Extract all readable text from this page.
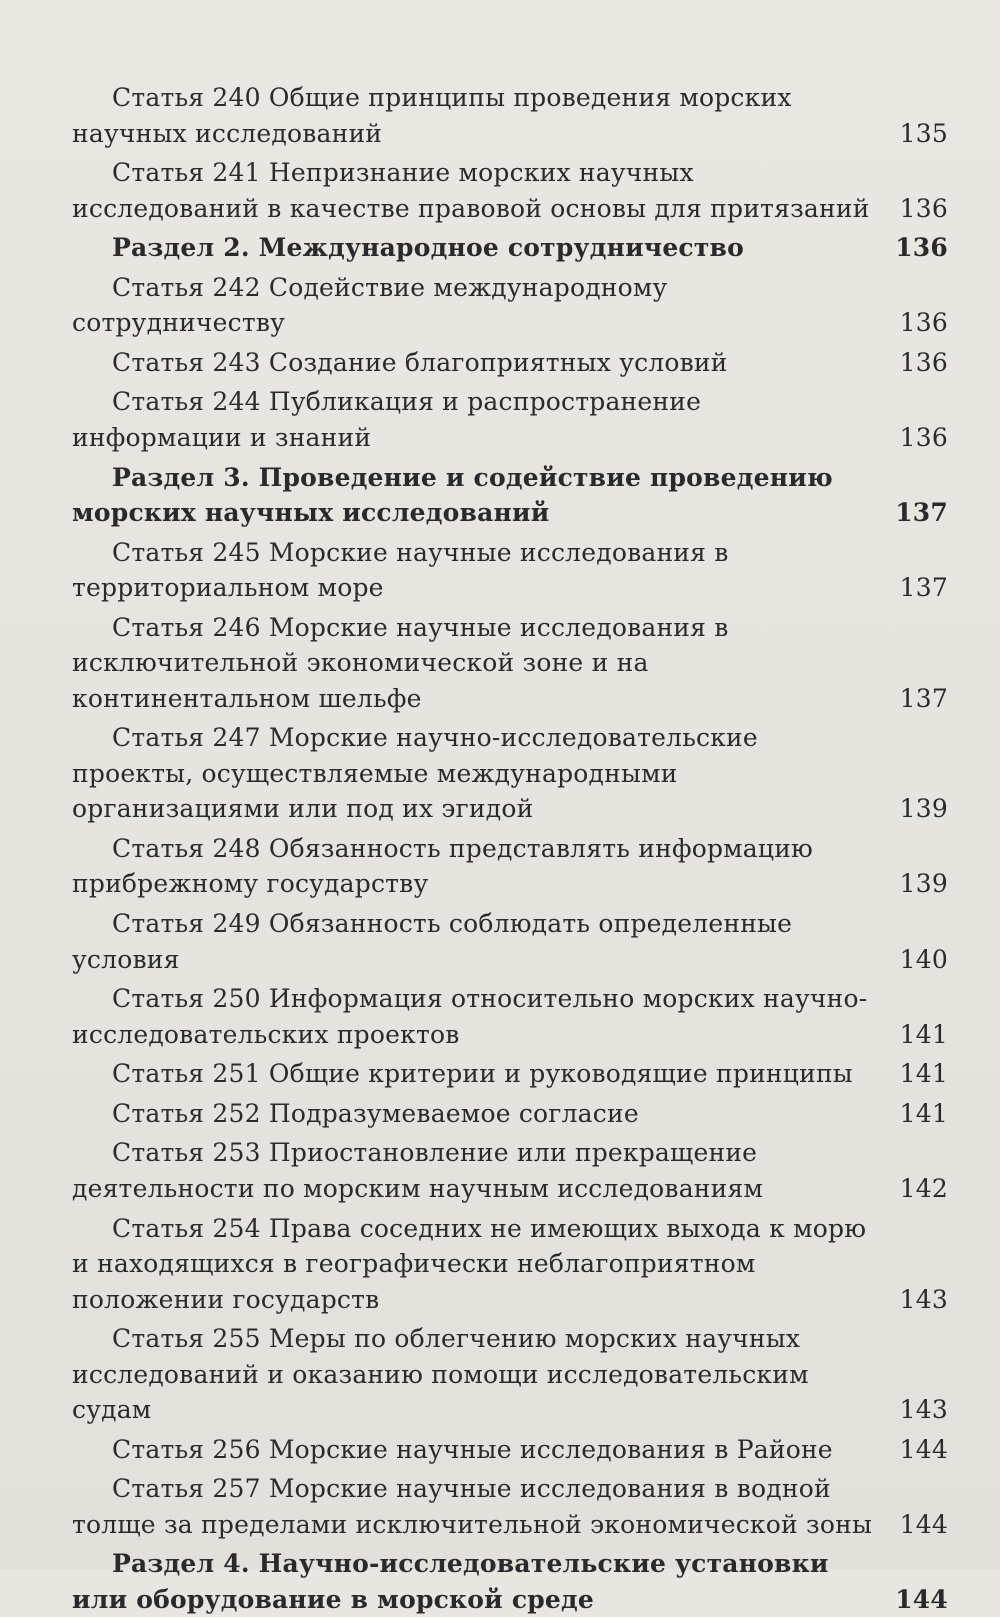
Статья 240 Общие принципы проведения морских научных исследований .....	135
Статья 241 Непризнание морских научных исследований в качестве правовой основы для притязаний .....	136
Раздел 2. Международное сотрудничество .....	136
Статья 242 Содействие международному сотрудничеству .....	136
Статья 243 Создание благоприятных условий .....	136
Статья 244 Публикация и распространение информации и знаний .....	136
Раздел 3. Проведение и содействие проведению морских научных исследований .....	137
Статья 245 Морские научные исследования в территориальном море .....	137
Статья 246 Морские научные исследования в исключительной экономической зоне и на континентальном шельфе .....	137
Статья 247 Морские научно-исследовательские проекты, осуществляемые международными организациями или под их эгидой .....	139
Статья 248 Обязанность представлять информацию прибрежному государству .....	139
Статья 249 Обязанность соблюдать определенные условия .....	140
Статья 250 Информация относительно морских научно-исследовательских проектов .....	141
Статья 251 Общие критерии и руководящие принципы .....	141
Статья 252 Подразумеваемое согласие .....	141
Статья 253 Приостановление или прекращение деятельности по морским научным исследованиям .....	142
Статья 254 Права соседних не имеющих выхода к морю и находящихся в географически неблагоприятном положении государств .....	143
Статья 255 Меры по облегчению морских научных исследований и оказанию помощи исследовательским судам .....	143
Статья 256 Морские научные исследования в Районе .....	144
Статья 257 Морские научные исследования в водной толще за пределами исключительной экономической зоны .....	144
Раздел 4. Научно-исследовательские установки или оборудование в морской среде .....	144
